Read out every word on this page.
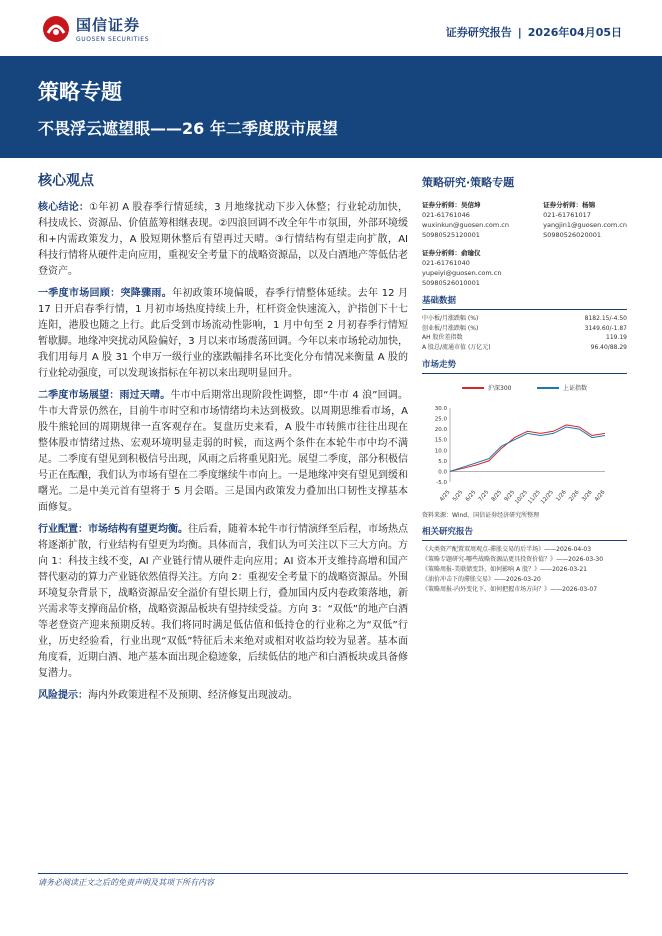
国信证券
GUOSEN SECURITIES
证券研究报告 | 2026年04月05日
策略专题
不畏浮云遮望眼——26 年二季度股市展望
核心观点

核心结论：①年初 A 股春季行情延续，3 月地缘扰动下步入休整；行业轮动加快，科技成长、资源品、价值蓝筹相继表现。②四浪回调不改全年牛市氛围，外部环境缓和+内需政策发力，A 股短期休整后有望再过天晴。③行情结构有望走向扩散，AI 科技行情将从硬件走向应用，重视安全考量下的战略资源品，以及白酒地产等低估老登资产。

一季度市场回顾：突降骤雨。年初政策环境偏暖，春季行情整体延续。去年 12 月 17 日开启春季行情，1 月初市场热度持续上升，杠杆资金快速流入，沪指创下十七连阳，港股也随之上行。此后受到市场流动性影响，1 月中旬至 2 月初春季行情短暂歇脚。地缘冲突扰动风险偏好，3 月以来市场震荡回调。今年以来市场轮动加快，我们用每月 A 股 31 个申万一级行业的涨跌幅排名环比变化分布情况来衡量 A 股的行业轮动强度，可以发现该指标在年初以来出现明显回升。

二季度市场展望：雨过天晴。牛市中后期常出现阶段性调整，即“牛市 4 浪”回调。牛市大背景仍然在，目前牛市时空和市场情绪均未达到极致。以周期思维看市场，A 股牛熊轮回的周期规律一直客观存在。复盘历史来看，A 股牛市转熊市往往出现在整体股市情绪过热、宏观环境明显走弱的时候，而这两个条件在本轮牛市中均不满足。二季度有望见到积极信号出现，风雨之后将重见阳光。展望二季度，部分积极信号正在酝酿，我们认为市场有望在二季度继续牛市向上。一是地缘冲突有望见到缓和曙光。二是中美元首有望将于 5 月会晤。三是国内政策发力叠加出口韧性支撑基本面修复。

行业配置：市场结构有望更均衡。往后看，随着本轮牛市行情演绎至后程，市场热点将逐渐扩散，行业结构有望更为均衡。具体而言，我们认为可关注以下三大方向。方向 1：科技主线不变，AI 产业链行情从硬件走向应用；AI 资本开支维持高增和国产替代驱动的算力产业链依然值得关注。方向 2：重视安全考量下的战略资源品。外围环境复杂背景下，战略资源品安全溢价有望长期上行，叠加国内反内卷政策落地，新兴需求等支撑商品价格，战略资源品板块有望持续受益。方向 3：“双低”的地产白酒等老登资产迎来预期反转。我们将同时满足低估值和低持仓的行业称之为“双低”行业，历史经验看，行业出现“双低”特征后未来绝对或相对收益均较为显著。基本面角度看，近期白酒、地产基本面出现企稳迹象，后续低估的地产和白酒板块或具备修复潜力。

风险提示：海内外政策进程不及预期、经济修复出现波动。

策略研究·策略专题
证券分析师：吴信坤
021-61761046
wuxinkun@guosen.com.cn
S0980525120001
证券分析师：杨锦
021-61761017
yangjin1@guosen.com.cn
S0980526020001
证券分析师：俞瑜仪
021-61761040
yupeiyi@guosen.com.cn
S0980526010001
基础数据
中小板/月涨跌幅 (%)	8182.15/-4.50
创业板/月涨跌幅 (%)	3149.60/-1.87
AH 股价差指数	119.19
A 股总/流通市值 (万亿元)	96.40/88.29
市场走势
沪深300	上证指数
30.0
25.0
20.0
15.0
10.0
5.0
0.0
-5.0
4/25 5/25 6/25 7/25 8/25 9/25
10/25
11/25
12/25 1/26 2/26 3/26 4/26
资料来源：Wind、国信证券经济研究所整理
相关研究报告
《大类资产配置双周观点-滞胀交易的后半场》——2026-04-03
《策略专题研究-哪些战略资源品更具投资价值？》——2026-03-30
《策略周报-美联储变卦，如何影响 A 股？》——2026-03-21
《油价冲击下的滞胀交易》——2026-03-20
《策略周报-内外变化下，如何把握市场方向？》——2026-03-07
请务必阅读正文之后的免责声明及其项下所有内容
